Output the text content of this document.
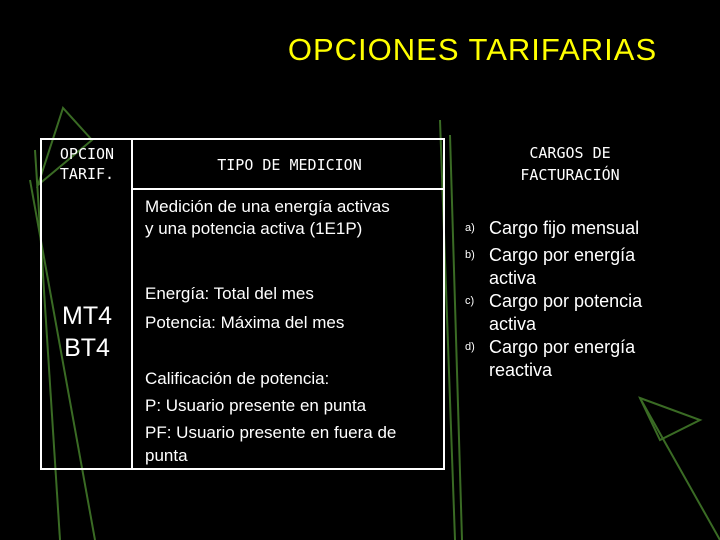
OPCIONES TARIFARIAS
OPCION
TARIF.	TIPO DE MEDICION
MT4
BT4
Medición de una energía activas
y una potencia activa (1E1P)
Energía: Total del mes
Potencia: Máxima del mes
Calificación de potencia:
P: Usuario presente en punta
PF: Usuario presente en fuera de
punta
CARGOS DE
FACTURACIÓN
a) Cargo fijo mensual
b) Cargo por energía
activa
c) Cargo por potencia
activa
d) Cargo por energía
reactiva
